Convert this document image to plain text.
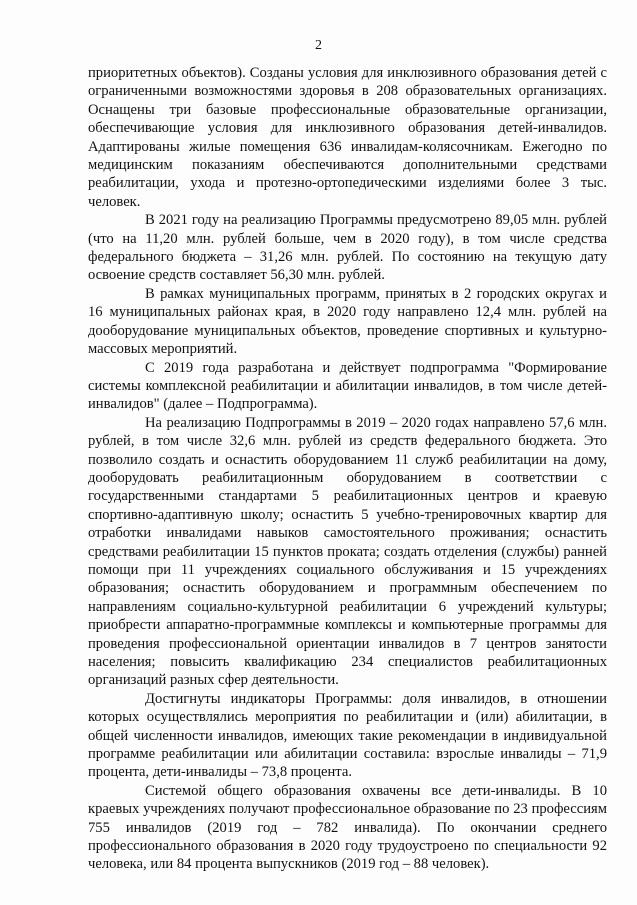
2

приоритетных объектов). Созданы условия для инклюзивного образования детей с ограниченными возможностями здоровья в 208 образовательных организациях. Оснащены три базовые профессиональные образовательные организации, обеспечивающие условия для инклюзивного образования детей-инвалидов. Адаптированы жилые помещения 636 инвалидам-колясочникам. Ежегодно по медицинским показаниям обеспечиваются дополнительными средствами реабилитации, ухода и протезно-ортопедическими изделиями более 3 тыс. человек.

В 2021 году на реализацию Программы предусмотрено 89,05 млн. рублей (что на 11,20 млн. рублей больше, чем в 2020 году), в том числе средства федерального бюджета – 31,26 млн. рублей. По состоянию на текущую дату освоение средств составляет 56,30 млн. рублей.

В рамках муниципальных программ, принятых в 2 городских округах и 16 муниципальных районах края, в 2020 году направлено 12,4 млн. рублей на дооборудование муниципальных объектов, проведение спортивных и культурно-массовых мероприятий.

С 2019 года разработана и действует подпрограмма "Формирование системы комплексной реабилитации и абилитации инвалидов, в том числе детей-инвалидов" (далее – Подпрограмма).

На реализацию Подпрограммы в 2019 – 2020 годах направлено 57,6 млн. рублей, в том числе 32,6 млн. рублей из средств федерального бюджета. Это позволило создать и оснастить оборудованием 11 служб реабилитации на дому, дооборудовать реабилитационным оборудованием в соответствии с государственными стандартами 5 реабилитационных центров и краевую спортивно-адаптивную школу; оснастить 5 учебно-тренировочных квартир для отработки инвалидами навыков самостоятельного проживания; оснастить средствами реабилитации 15 пунктов проката; создать отделения (службы) ранней помощи при 11 учреждениях социального обслуживания и 15 учреждениях образования; оснастить оборудованием и программным обеспечением по направлениям социально-культурной реабилитации 6 учреждений культуры; приобрести аппаратно-программные комплексы и компьютерные программы для проведения профессиональной ориентации инвалидов в 7 центров занятости населения; повысить квалификацию 234 специалистов реабилитационных организаций разных сфер деятельности.

Достигнуты индикаторы Программы: доля инвалидов, в отношении которых осуществлялись мероприятия по реабилитации и (или) абилитации, в общей численности инвалидов, имеющих такие рекомендации в индивидуальной программе реабилитации или абилитации составила: взрослые инвалиды – 71,9 процента, дети-инвалиды – 73,8 процента.

Системой общего образования охвачены все дети-инвалиды. В 10 краевых учреждениях получают профессиональное образование по 23 профессиям 755 инвалидов (2019 год – 782 инвалида). По окончании среднего профессионального образования в 2020 году трудоустроено по специальности 92 человека, или 84 процента выпускников (2019 год – 88 человек).
